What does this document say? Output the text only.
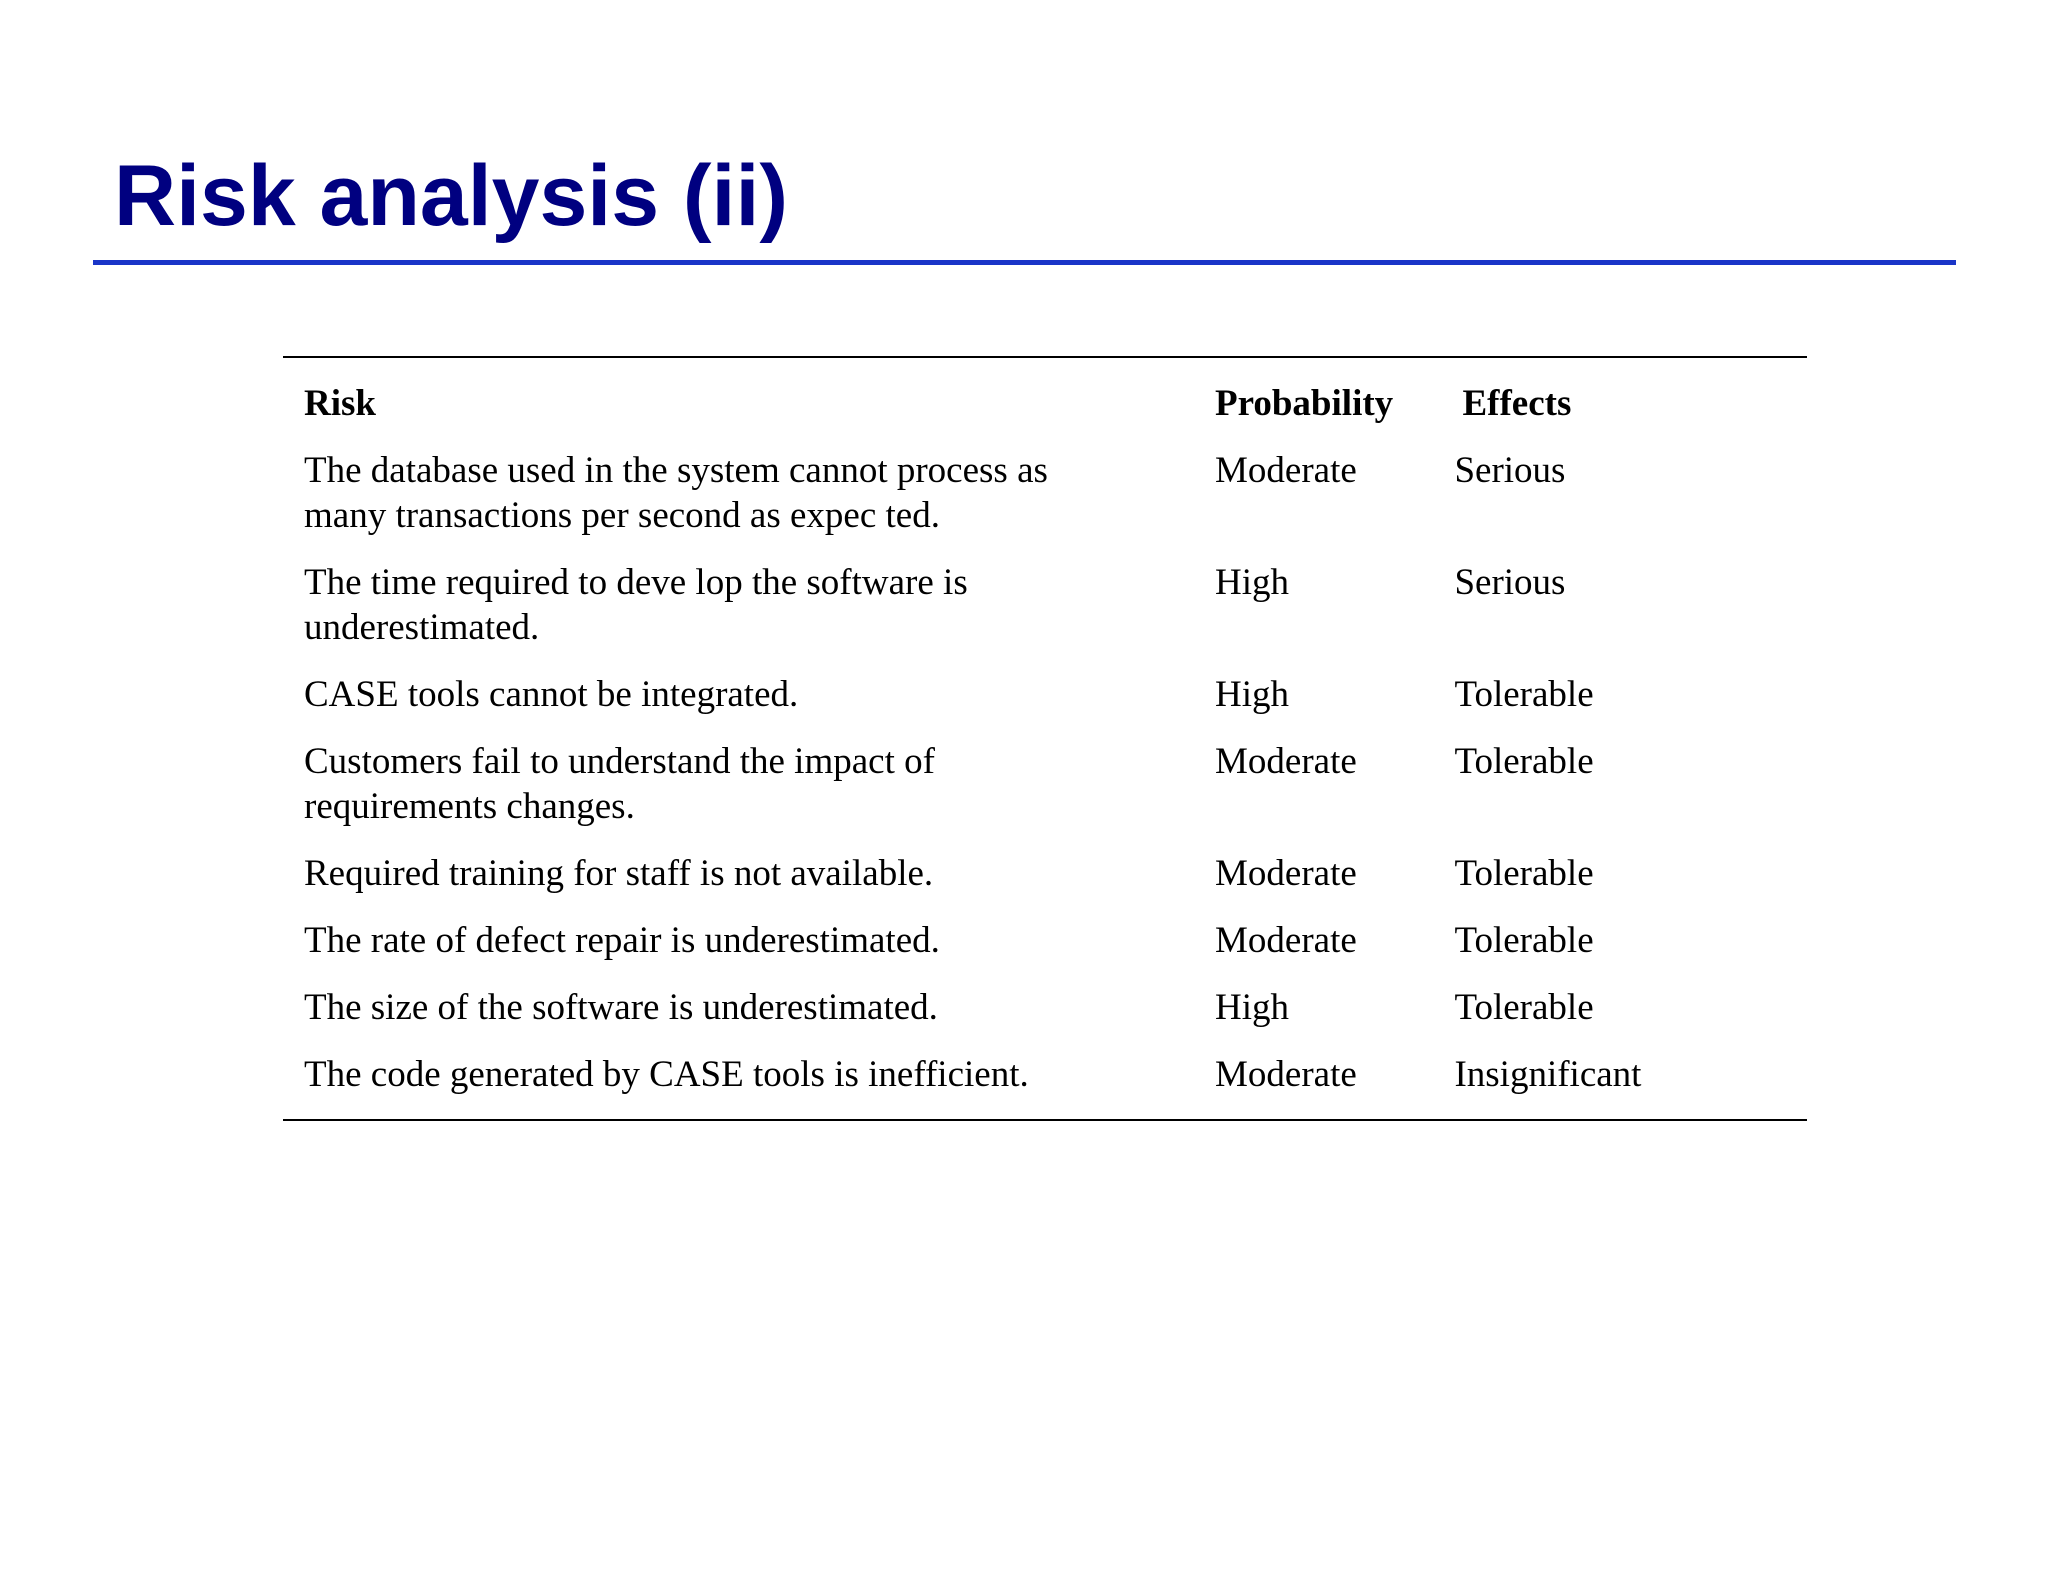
Risk analysis (ii)
Risk	Probability	Effects

The database used in the system cannot process as many transactions per second as expec ted.	Moderate	Serious

The time required to deve lop the software is underestimated.	High	Serious

CASE tools cannot be integrated.	High	Tolerable

Customers fail to understand the impact of requirements changes.	Moderate	Tolerable

Required training for staff is not available.	Moderate	Tolerable

The rate of defect repair is underestimated.	Moderate	Tolerable

The size of the software is underestimated.	High	Tolerable

The code generated by CASE tools is inefficient.	Moderate	Insignificant
